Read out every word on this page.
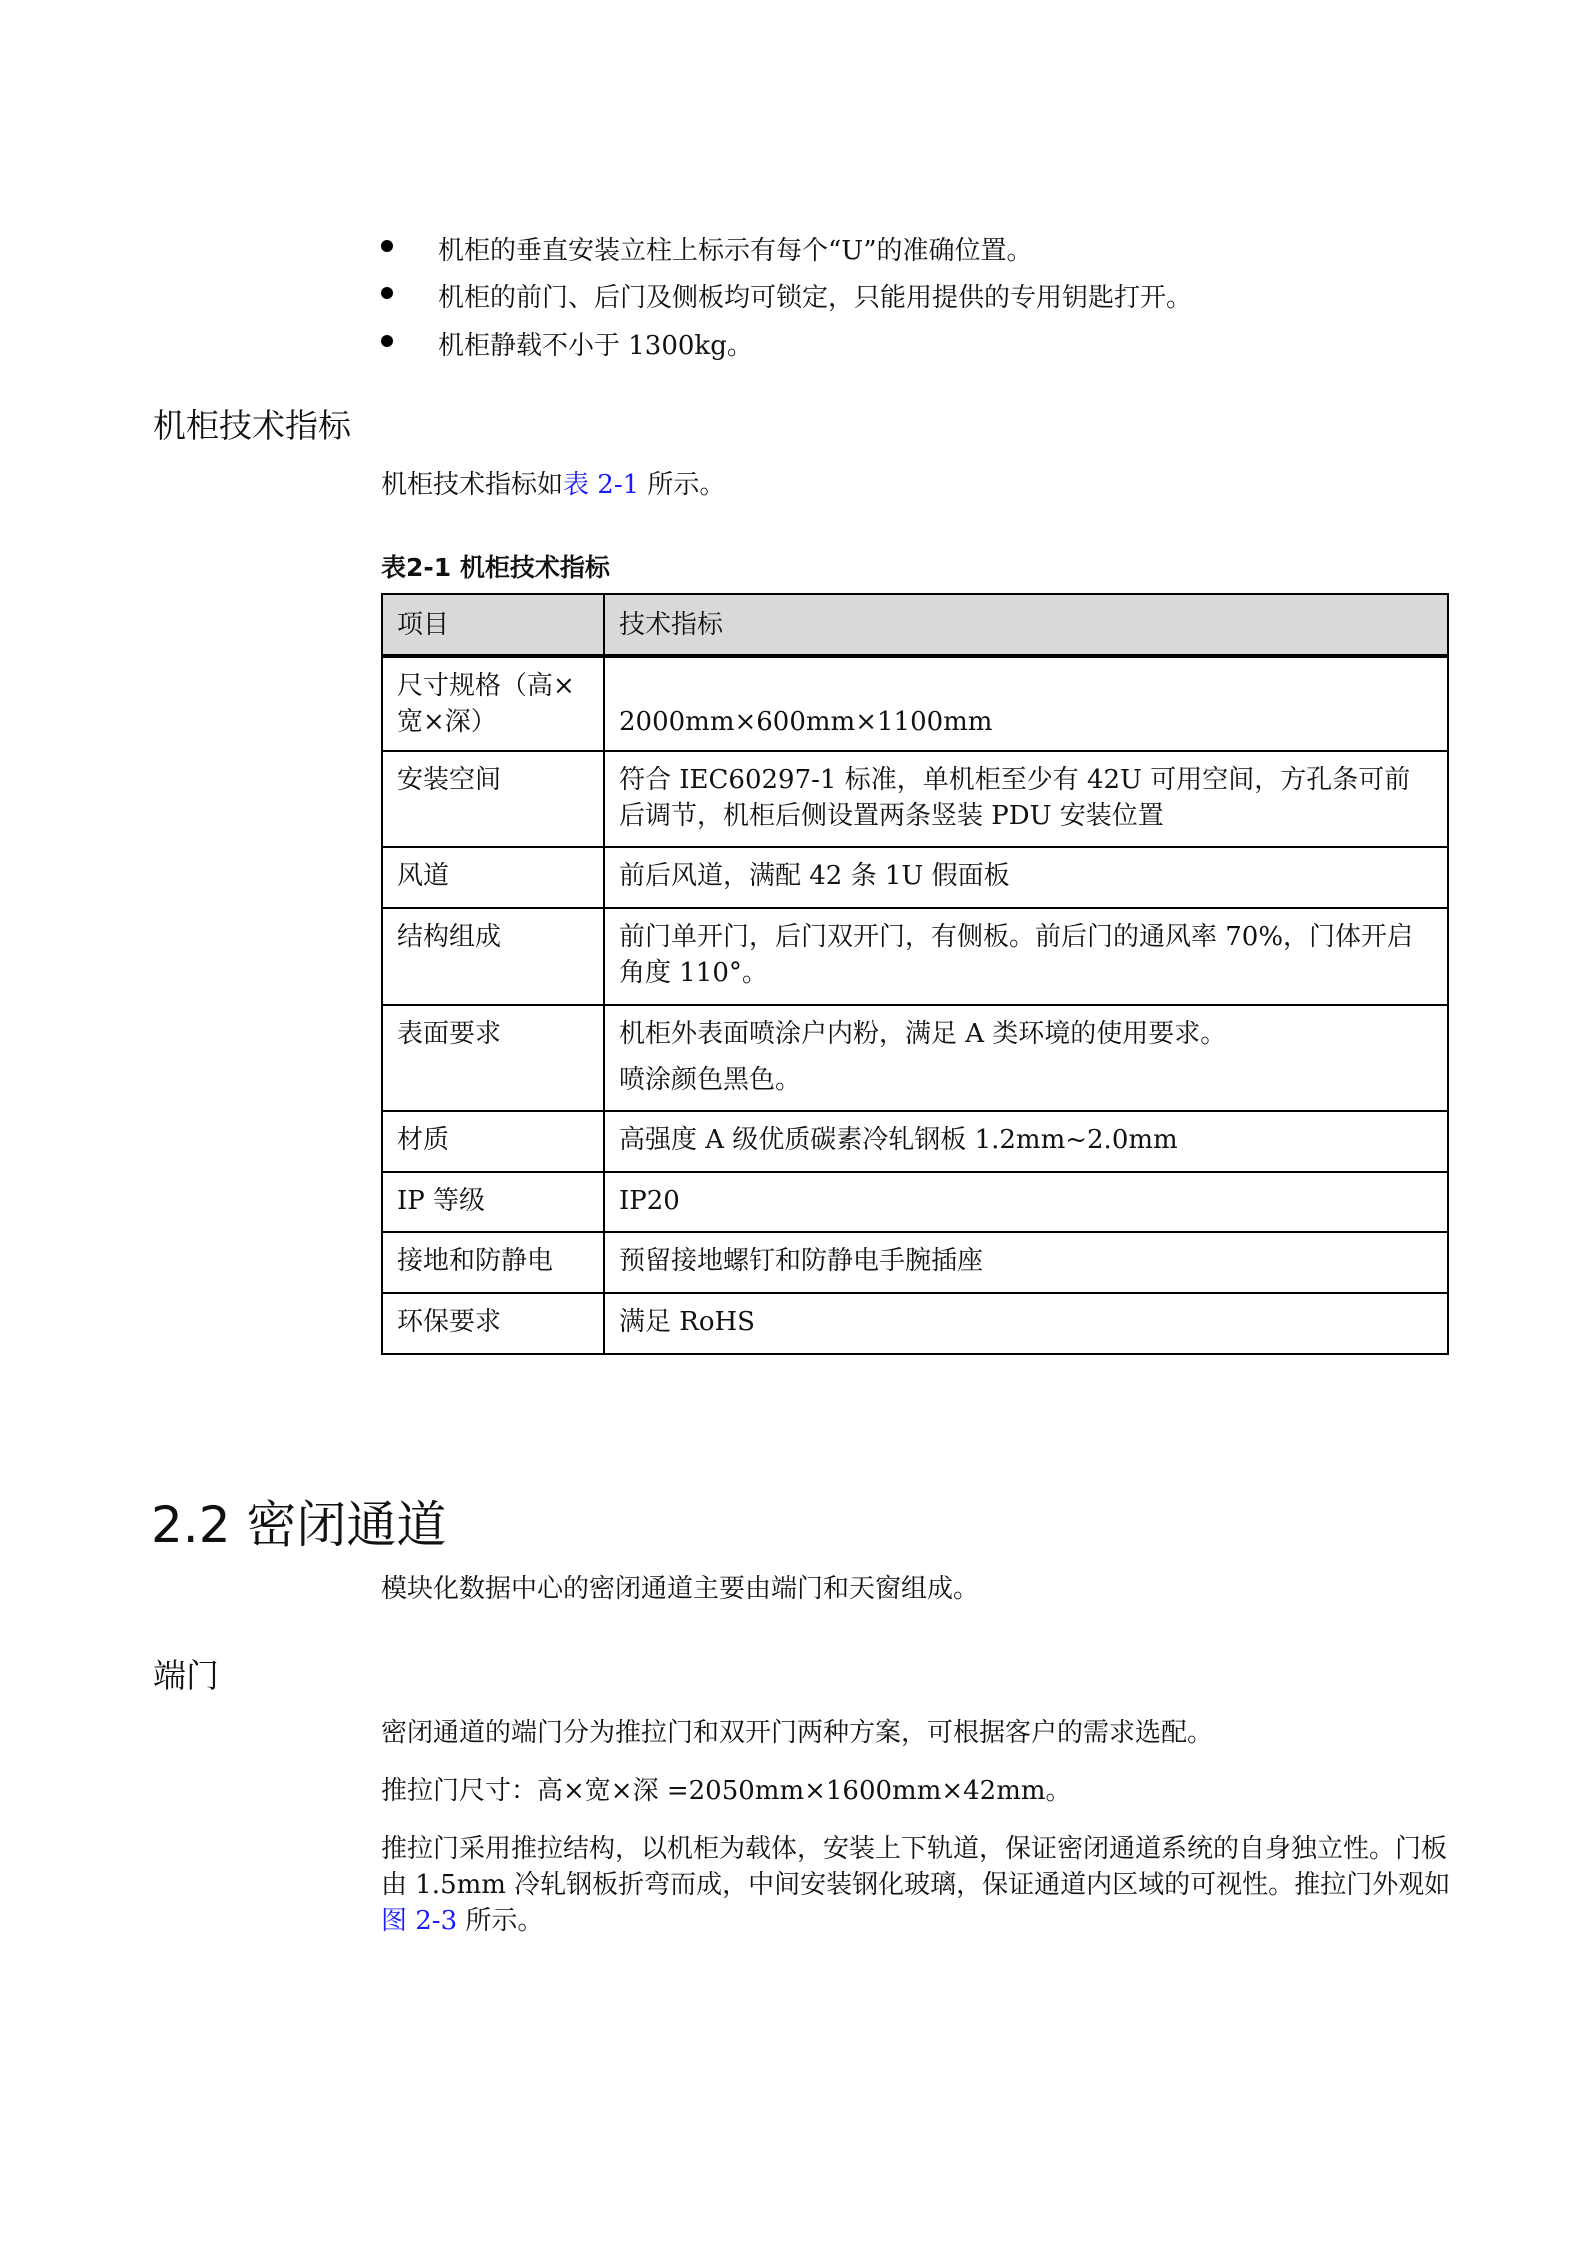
机柜的垂直安装立柱上标示有每个“U”的准确位置。
机柜的前门、后门及侧板均可锁定，只能用提供的专用钥匙打开。
机柜静载不小于 1300kg。
机柜技术指标
机柜技术指标如表 2-1 所示。
表2-1 机柜技术指标
项目	技术指标
尺寸规格（高×宽×深）	2000mm×600mm×1100mm

安装空间	符合 IEC60297-1 标准，单机柜至少有 42U 可用空间，方孔条可前后调节，机柜后侧设置两条竖装 PDU 安装位置

风道	前后风道，满配 42 条 1U 假面板

结构组成	前门单开门，后门双开门，有侧板。前后门的通风率 70%，门体开启角度 110°。

表面要求	机柜外表面喷涂户内粉，满足 A 类环境的使用要求。

喷涂颜色黑色。

材质	高强度 A 级优质碳素冷轧钢板 1.2mm~2.0mm

IP 等级	IP20

接地和防静电	预留接地螺钉和防静电手腕插座

环保要求	满足 RoHS

2.2 密闭通道
模块化数据中心的密闭通道主要由端门和天窗组成。
端门
密闭通道的端门分为推拉门和双开门两种方案，可根据客户的需求选配。
推拉门尺寸：高×宽×深 =2050mm×1600mm×42mm。
推拉门采用推拉结构，以机柜为载体，安装上下轨道，保证密闭通道系统的自身独立性。门板由 1.5mm 冷轧钢板折弯而成，中间安装钢化玻璃，保证通道内区域的可视性。推拉门外观如图 2-3 所示。
